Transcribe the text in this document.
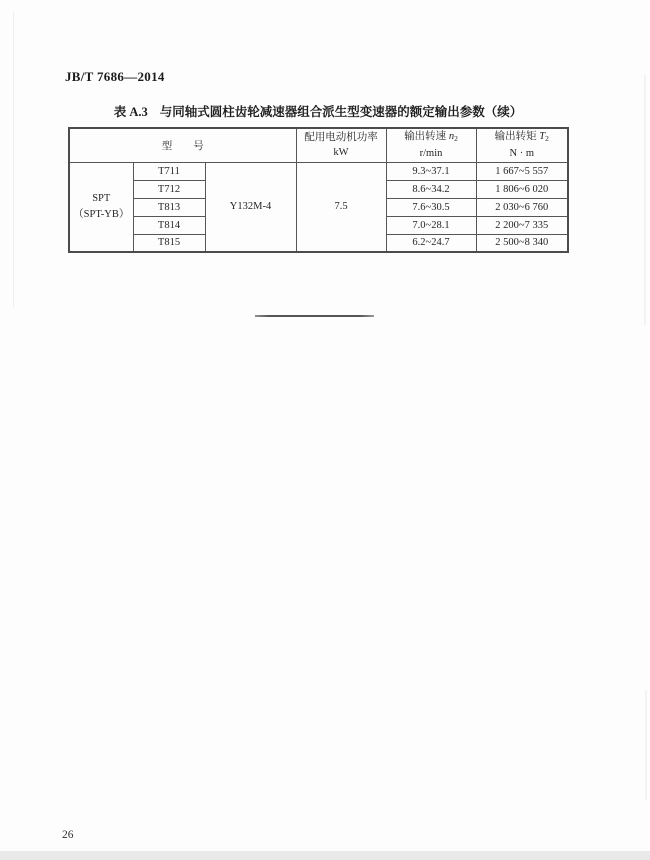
JB/T 7686—2014
表 A.3 与同轴式圆柱齿轮减速器组合派生型变速器的额定输出参数（续）
型　　号	
配用电动机功率
kW

输出转速 $n_2$
r/min

输出转矩 $T_2$
N · m

SPT
（SPT-YB）	T711	Y132M-4	7.5	9.3~37.1	1 667~5 557
	T712			8.6~34.2	1 806~6 020
	T813			7.6~30.5	2 030~6 760
	T814			7.0~28.1	2 200~7 335
	T815			6.2~24.7	2 500~8 340
26
